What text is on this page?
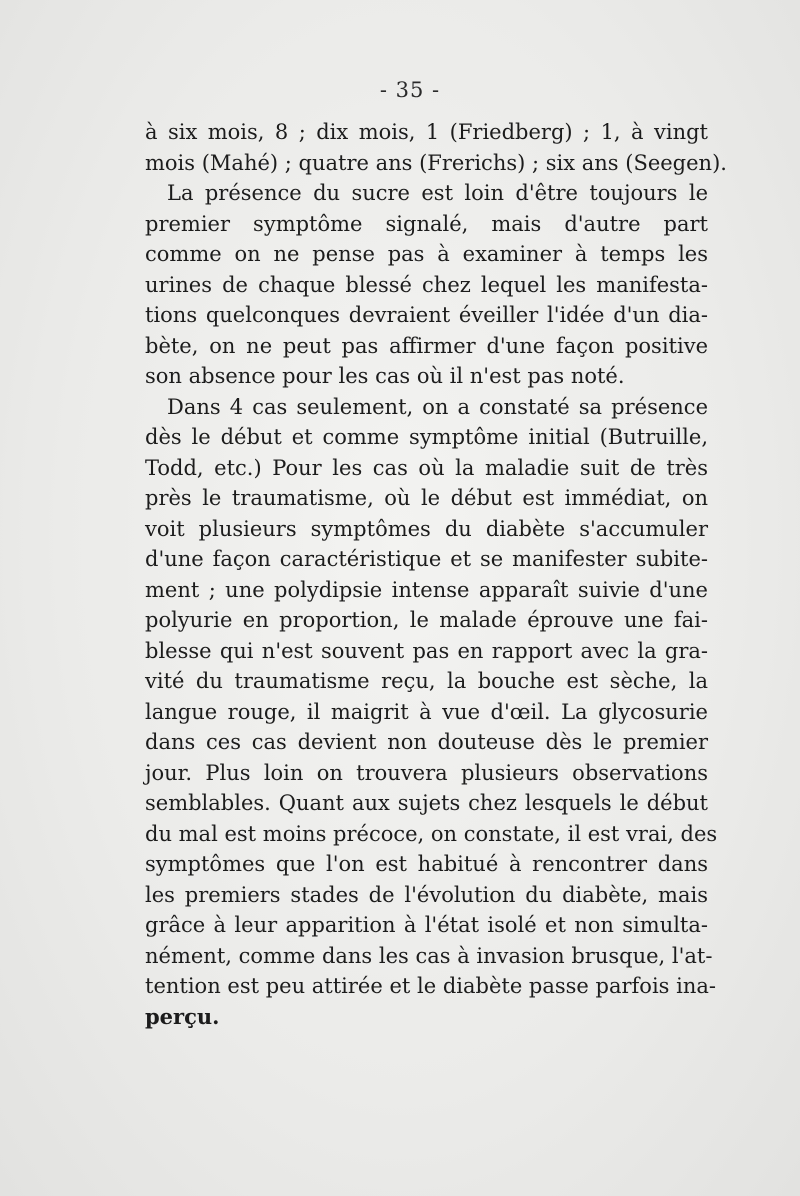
- 35 -
à six mois, 8 ; dix mois, 1 (Friedberg) ; 1, à vingt
mois (Mahé) ; quatre ans (Frerichs) ; six ans (Seegen).
La présence du sucre est loin d'être toujours le
premier symptôme signalé, mais d'autre part
comme on ne pense pas à examiner à temps les
urines de chaque blessé chez lequel les manifesta-
tions quelconques devraient éveiller l'idée d'un dia-
bète, on ne peut pas affirmer d'une façon positive
son absence pour les cas où il n'est pas noté.
Dans 4 cas seulement, on a constaté sa présence
dès le début et comme symptôme initial (Butruille,
Todd, etc.) Pour les cas où la maladie suit de très
près le traumatisme, où le début est immédiat, on
voit plusieurs symptômes du diabète s'accumuler
d'une façon caractéristique et se manifester subite-
ment ; une polydipsie intense apparaît suivie d'une
polyurie en proportion, le malade éprouve une fai-
blesse qui n'est souvent pas en rapport avec la gra-
vité du traumatisme reçu, la bouche est sèche, la
langue rouge, il maigrit à vue d'œil. La glycosurie
dans ces cas devient non douteuse dès le premier
jour. Plus loin on trouvera plusieurs observations
semblables. Quant aux sujets chez lesquels le début
du mal est moins précoce, on constate, il est vrai, des
symptômes que l'on est habitué à rencontrer dans
les premiers stades de l'évolution du diabète, mais
grâce à leur apparition à l'état isolé et non simulta-
nément, comme dans les cas à invasion brusque, l'at-
tention est peu attirée et le diabète passe parfois ina-
perçu.
